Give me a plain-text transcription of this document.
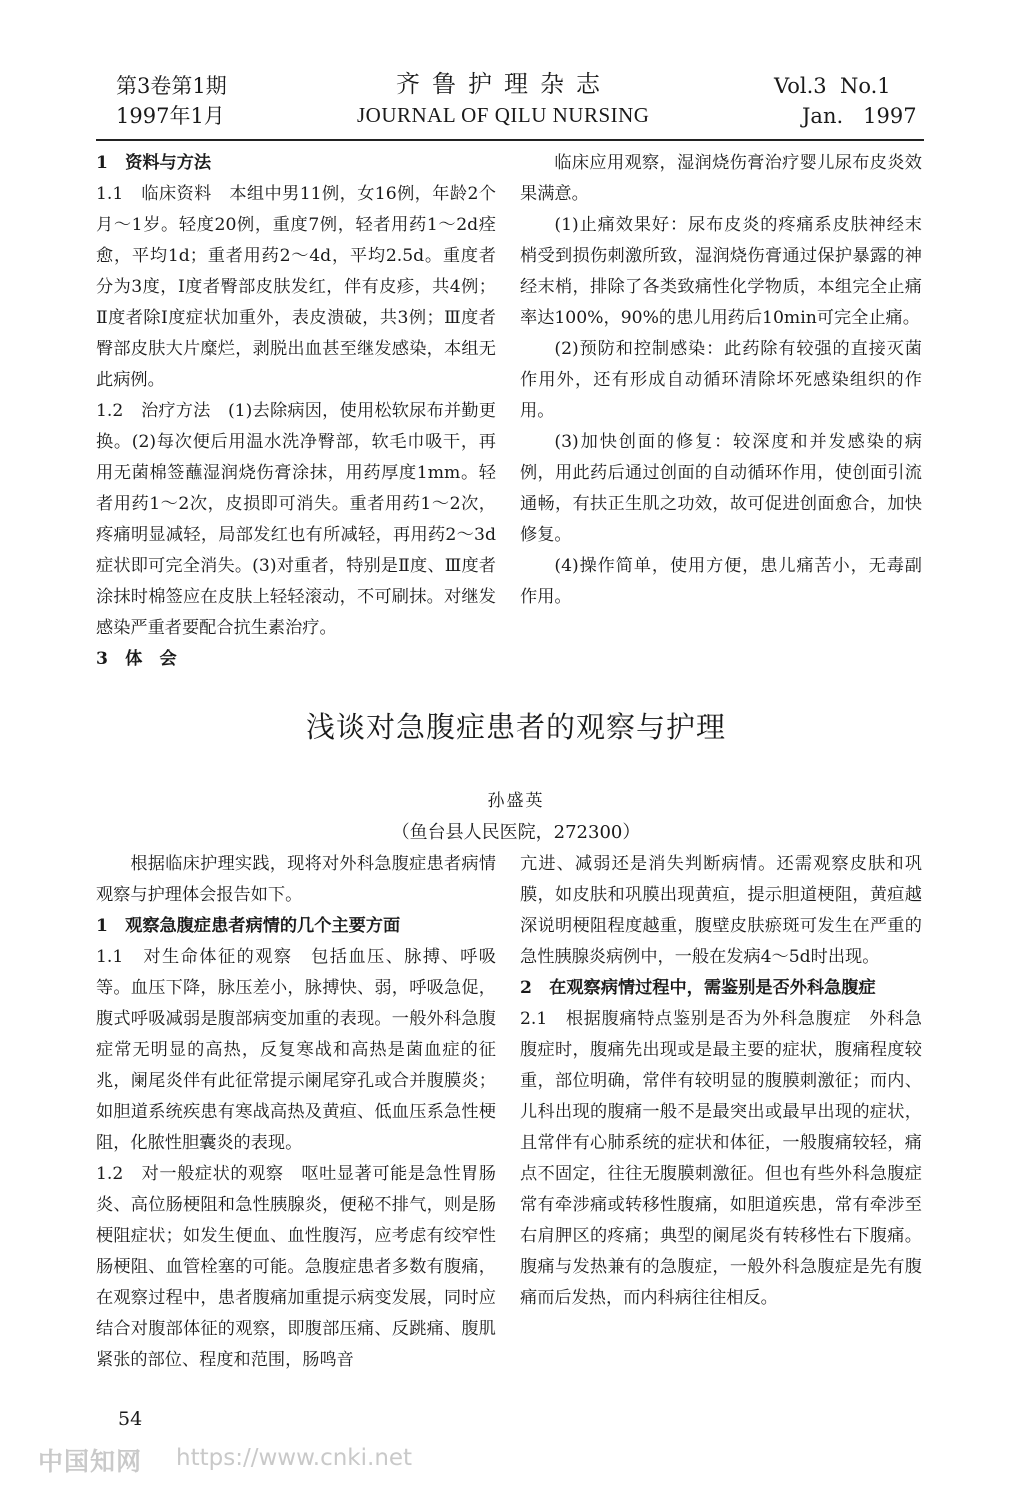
第3卷第1期
1997年1月
齐鲁护理杂志
JOURNAL OF QILU NURSING
Vol.3  No.1
Jan.   1997

1　资料与方法

1.1　临床资料　本组中男11例，女16例，年龄2个月～1岁。轻度20例，重度7例，轻者用药1～2d痊愈，平均1d；重者用药2～4d，平均2.5d。重度者分为3度，Ⅰ度者臀部皮肤发红，伴有皮疹，共4例；Ⅱ度者除Ⅰ度症状加重外，表皮溃破，共3例；Ⅲ度者臀部皮肤大片糜烂，剥脱出血甚至继发感染，本组无此病例。

1.2　治疗方法　(1)去除病因，使用松软尿布并勤更换。(2)每次便后用温水洗净臀部，软毛巾吸干，再用无菌棉签蘸湿润烧伤膏涂抹，用药厚度1mm。轻者用药1～2次，皮损即可消失。重者用药1～2次，疼痛明显减轻，局部发红也有所减轻，再用药2～3d症状即可完全消失。(3)对重者，特别是Ⅱ度、Ⅲ度者涂抹时棉签应在皮肤上轻轻滚动，不可刷抹。对继发感染严重者要配合抗生素治疗。

3　体　会

临床应用观察，湿润烧伤膏治疗婴儿尿布皮炎效果满意。

(1)止痛效果好：尿布皮炎的疼痛系皮肤神经末梢受到损伤刺激所致，湿润烧伤膏通过保护暴露的神经末梢，排除了各类致痛性化学物质，本组完全止痛率达100%，90%的患儿用药后10min可完全止痛。

(2)预防和控制感染：此药除有较强的直接灭菌作用外，还有形成自动循环清除坏死感染组织的作用。

(3)加快创面的修复：较深度和并发感染的病例，用此药后通过创面的自动循环作用，使创面引流通畅，有扶正生肌之功效，故可促进创面愈合，加快修复。

(4)操作简单，使用方便，患儿痛苦小，无毒副作用。

浅谈对急腹症患者的观察与护理
孙盛英
（鱼台县人民医院，272300）

根据临床护理实践，现将对外科急腹症患者病情观察与护理体会报告如下。

1　观察急腹症患者病情的几个主要方面

1.1　对生命体征的观察　包括血压、脉搏、呼吸等。血压下降，脉压差小，脉搏快、弱，呼吸急促，腹式呼吸减弱是腹部病变加重的表现。一般外科急腹症常无明显的高热，反复寒战和高热是菌血症的征兆，阑尾炎伴有此征常提示阑尾穿孔或合并腹膜炎；如胆道系统疾患有寒战高热及黄疸、低血压系急性梗阻，化脓性胆囊炎的表现。

1.2　对一般症状的观察　呕吐显著可能是急性胃肠炎、高位肠梗阻和急性胰腺炎，便秘不排气，则是肠梗阻症状；如发生便血、血性腹泻，应考虑有绞窄性肠梗阻、血管栓塞的可能。急腹症患者多数有腹痛，在观察过程中，患者腹痛加重提示病变发展，同时应结合对腹部体征的观察，即腹部压痛、反跳痛、腹肌紧张的部位、程度和范围，肠鸣音

亢进、减弱还是消失判断病情。还需观察皮肤和巩膜，如皮肤和巩膜出现黄疸，提示胆道梗阻，黄疸越深说明梗阻程度越重，腹壁皮肤瘀斑可发生在严重的急性胰腺炎病例中，一般在发病4～5d时出现。

2　在观察病情过程中，需鉴别是否外科急腹症

2.1　根据腹痛特点鉴别是否为外科急腹症　外科急腹症时，腹痛先出现或是最主要的症状，腹痛程度较重，部位明确，常伴有较明显的腹膜刺激征；而内、儿科出现的腹痛一般不是最突出或最早出现的症状，且常伴有心肺系统的症状和体征，一般腹痛较轻，痛点不固定，往往无腹膜刺激征。但也有些外科急腹症常有牵涉痛或转移性腹痛，如胆道疾患，常有牵涉至右肩胛区的疼痛；典型的阑尾炎有转移性右下腹痛。腹痛与发热兼有的急腹症，一般外科急腹症是先有腹痛而后发热，而内科病往往相反。

54
中国知网 https://www.cnki.net
